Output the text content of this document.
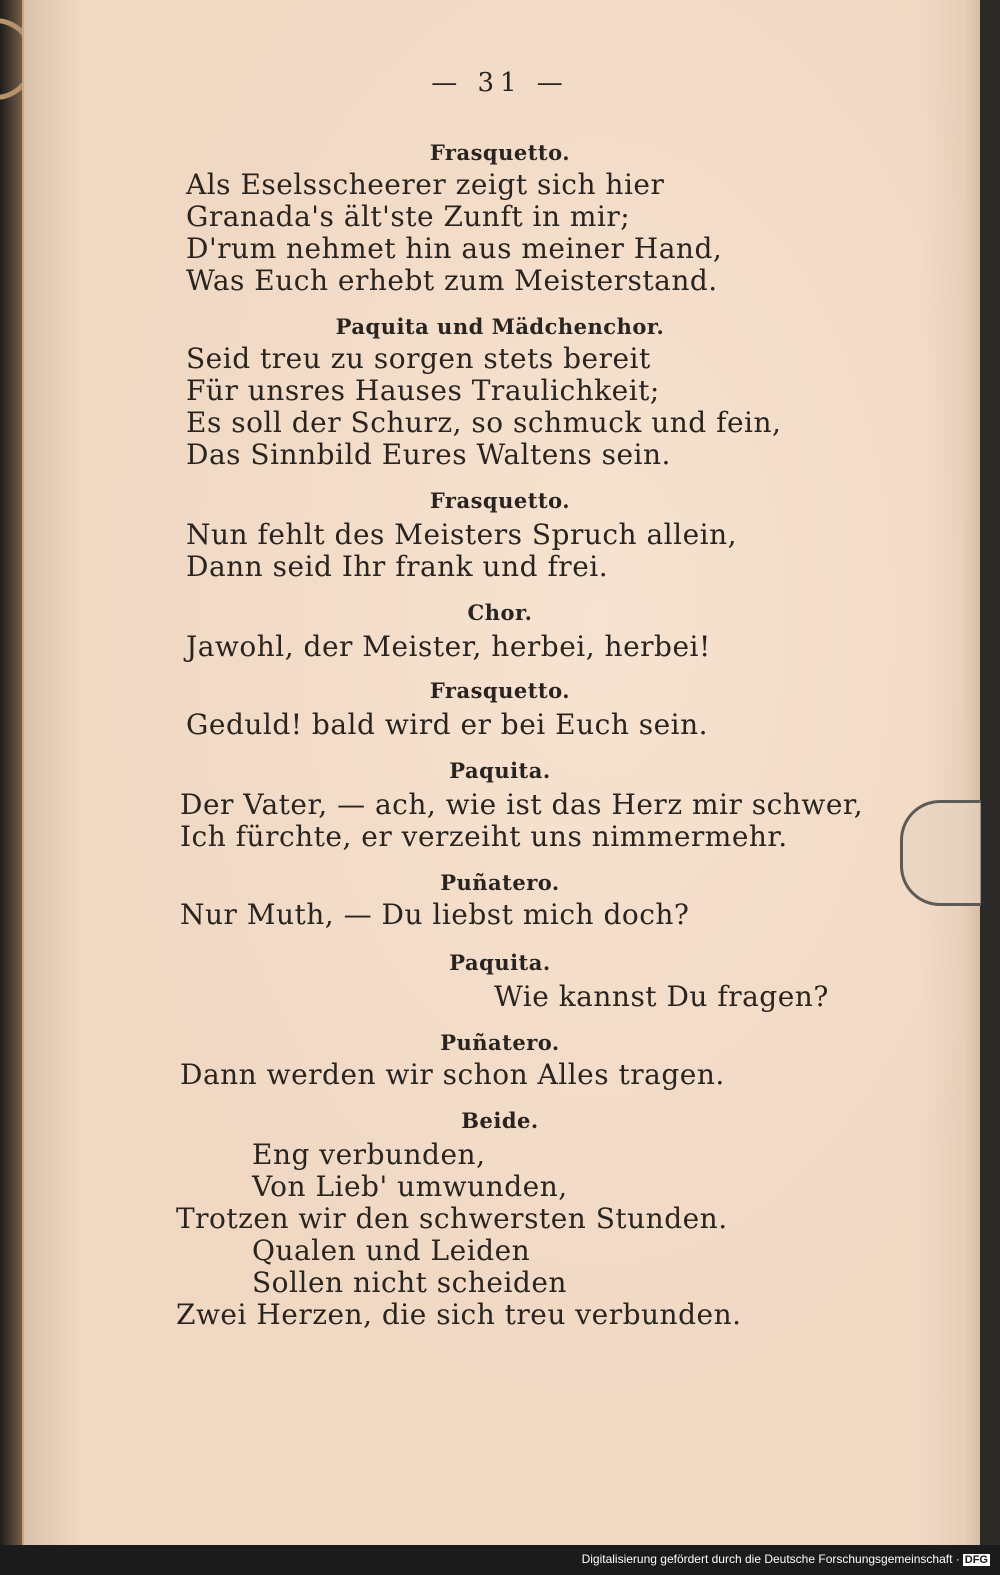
— 31 —
Frasquetto.
Als Eselsscheerer zeigt sich hier
Granada's ält'ste Zunft in mir;
D'rum nehmet hin aus meiner Hand,
Was Euch erhebt zum Meisterstand.
Paquita und Mädchenchor.
Seid treu zu sorgen stets bereit
Für unsres Hauses Traulichkeit;
Es soll der Schurz, so schmuck und fein,
Das Sinnbild Eures Waltens sein.
Frasquetto.
Nun fehlt des Meisters Spruch allein,
Dann seid Ihr frank und frei.
Chor.
Jawohl, der Meister, herbei, herbei!
Frasquetto.
Geduld! bald wird er bei Euch sein.
Paquita.
Der Vater, — ach, wie ist das Herz mir schwer,
Ich fürchte, er verzeiht uns nimmermehr.
Puñatero.
Nur Muth, — Du liebst mich doch?
Paquita.
Wie kannst Du fragen?
Puñatero.
Dann werden wir schon Alles tragen.
Beide.
Eng verbunden,
Von Lieb' umwunden,
Trotzen wir den schwersten Stunden.
Qualen und Leiden
Sollen nicht scheiden
Zwei Herzen, die sich treu verbunden.
Digitalisierung gefördert durch die Deutsche Forschungsgemeinschaft · DFG
